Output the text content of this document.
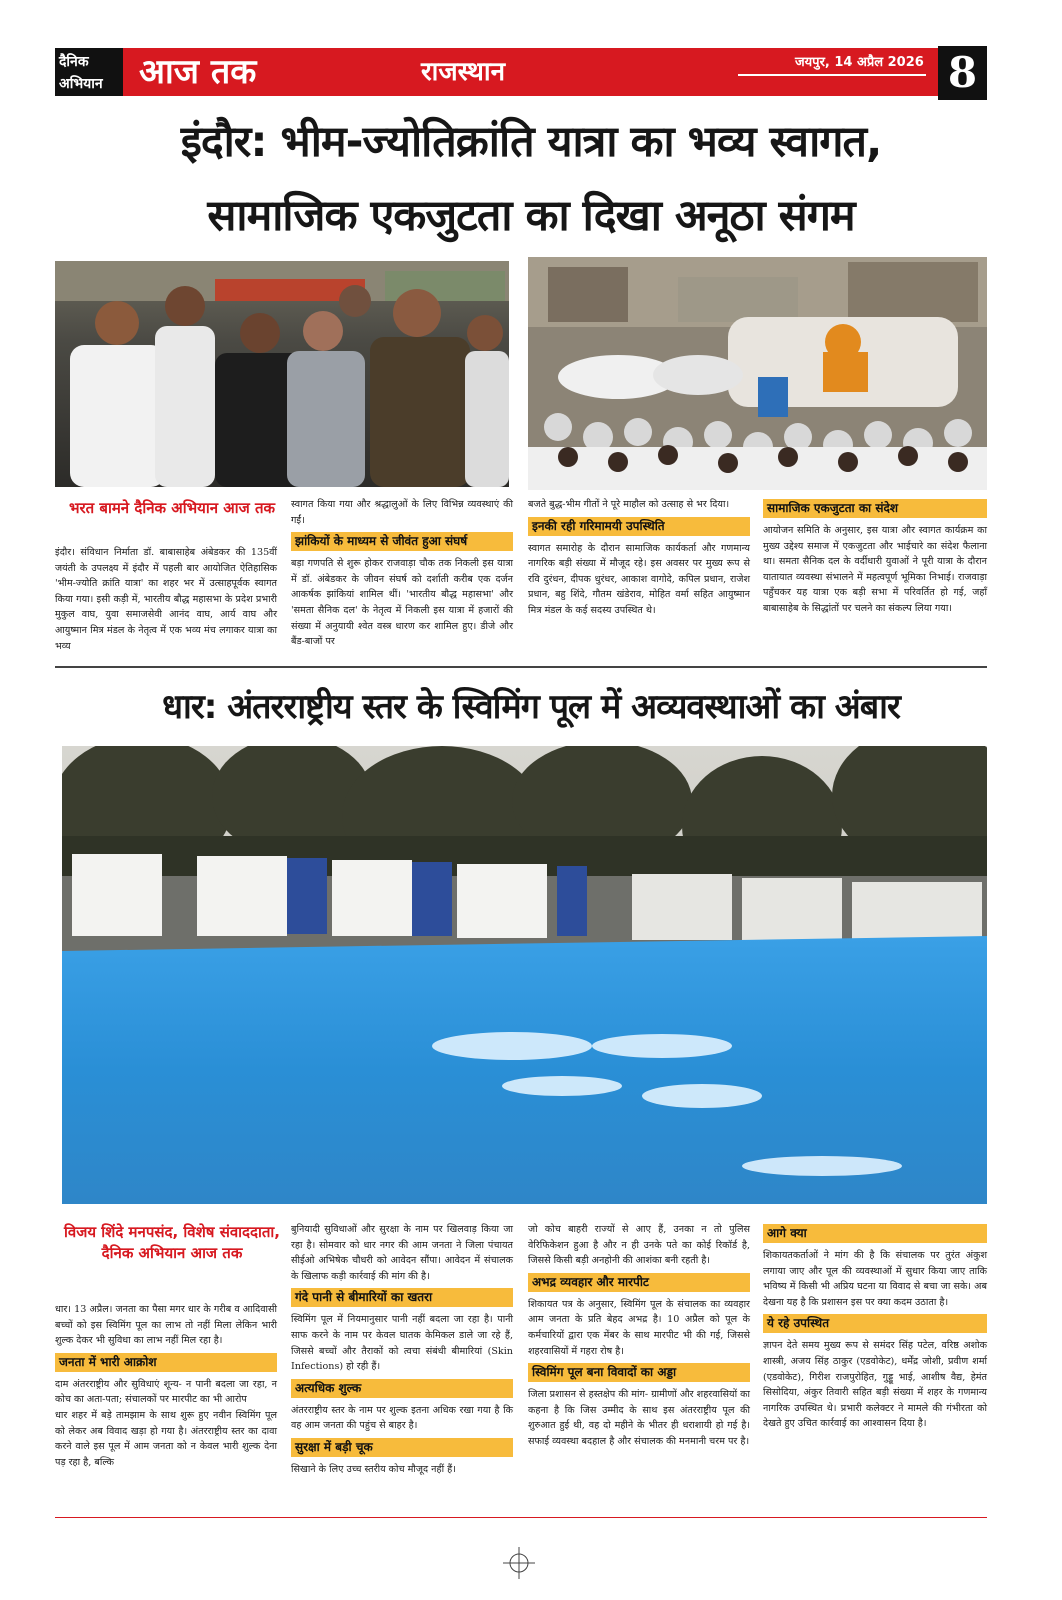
दैनिक
अभियान	आज तक	राजस्थान	जयपुर, 14 अप्रैल 2026 8
इंदौर: भीम-ज्योतिक्रांति यात्रा का भव्य स्वागत,
सामाजिक एकजुटता का दिखा अनूठा संगम
भरत बामने दैनिक अभियान आज तक
इंदौर। संविधान निर्माता डॉ. बाबासाहेब अंबेडकर की 135वीं जयंती के उपलक्ष्य में इंदौर में पहली बार आयोजित ऐतिहासिक 'भीम-ज्योति क्रांति यात्रा' का शहर भर में उत्साहपूर्वक स्वागत किया गया। इसी कड़ी में, भारतीय बौद्ध महासभा के प्रदेश प्रभारी मुकुल वाघ, युवा समाजसेवी आनंद वाघ, आर्य वाघ और आयुष्मान मित्र मंडल के नेतृत्व में एक भव्य मंच लगाकर यात्रा का भव्य
स्वागत किया गया और श्रद्धालुओं के लिए विभिन्न व्यवस्थाएं की गईं।
झांकियों के माध्यम से जीवंत हुआ संघर्ष
बड़ा गणपति से शुरू होकर राजवाड़ा चौक तक निकली इस यात्रा में डॉ. अंबेडकर के जीवन संघर्ष को दर्शाती करीब एक दर्जन आकर्षक झांकियां शामिल थीं। 'भारतीय बौद्ध महासभा' और 'समता सैनिक दल' के नेतृत्व में निकली इस यात्रा में हजारों की संख्या में अनुयायी श्वेत वस्त्र धारण कर शामिल हुए। डीजे और बैंड-बाजों पर
बजते बुद्ध-भीम गीतों ने पूरे माहौल को उत्साह से भर दिया।
इनकी रही गरिमामयी उपस्थिति
स्वागत समारोह के दौरान सामाजिक कार्यकर्ता और गणमान्य नागरिक बड़ी संख्या में मौजूद रहे। इस अवसर पर मुख्य रूप से रवि दुरंधन, दीपक धुरंधर, आकाश वागोदे, कपिल प्रधान, राजेश प्रधान, बहु शिंदे, गौतम खंडेराव, मोहित वर्मा सहित आयुष्मान मित्र मंडल के कई सदस्य उपस्थित थे।
सामाजिक एकजुटता का संदेश
आयोजन समिति के अनुसार, इस यात्रा और स्वागत कार्यक्रम का मुख्य उद्देश्य समाज में एकजुटता और भाईचारे का संदेश फैलाना था। समता सैनिक दल के वर्दीधारी युवाओं ने पूरी यात्रा के दौरान यातायात व्यवस्था संभालने में महत्वपूर्ण भूमिका निभाई। राजवाड़ा पहुँचकर यह यात्रा एक बड़ी सभा में परिवर्तित हो गई, जहाँ बाबासाहेब के सिद्धांतों पर चलने का संकल्प लिया गया।
धार: अंतरराष्ट्रीय स्तर के स्विमिंग पूल में अव्यवस्थाओं का अंबार
विजय शिंदे मनपसंद, विशेष संवाददाता, दैनिक अभियान आज तक
धार। 13 अप्रैल। जनता का पैसा मगर धार के गरीब व आदिवासी बच्चों को इस स्विमिंग पूल का लाभ तो नहीं मिला लेकिन भारी शुल्क देकर भी सुविधा का लाभ नहीं मिल रहा है।
जनता में भारी आक्रोश
दाम अंतरराष्ट्रीय और सुविधाएं शून्य- न पानी बदला जा रहा, न कोच का अता-पता; संचालकों पर मारपीट का भी आरोप
धार शहर में बड़े तामझाम के साथ शुरू हुए नवीन स्विमिंग पूल को लेकर अब विवाद खड़ा हो गया है। अंतरराष्ट्रीय स्तर का दावा करने वाले इस पूल में आम जनता को न केवल भारी शुल्क देना पड़ रहा है, बल्कि
बुनियादी सुविधाओं और सुरक्षा के नाम पर खिलवाड़ किया जा रहा है। सोमवार को धार नगर की आम जनता ने जिला पंचायत सीईओ अभिषेक चौधरी को आवेदन सौंपा। आवेदन में संचालक के खिलाफ कड़ी कार्रवाई की मांग की है।
गंदे पानी से बीमारियों का खतरा
स्विमिंग पूल में नियमानुसार पानी नहीं बदला जा रहा है। पानी साफ करने के नाम पर केवल घातक केमिकल डाले जा रहे हैं, जिससे बच्चों और तैराकों को त्वचा संबंधी बीमारियां (Skin Infections) हो रही हैं।
अत्यधिक शुल्क
अंतरराष्ट्रीय स्तर के नाम पर शुल्क इतना अधिक रखा गया है कि वह आम जनता की पहुंच से बाहर है।
सुरक्षा में बड़ी चूक
सिखाने के लिए उच्च स्तरीय कोच मौजूद नहीं हैं।
जो कोच बाहरी राज्यों से आए हैं, उनका न तो पुलिस वेरिफिकेशन हुआ है और न ही उनके पते का कोई रिकॉर्ड है, जिससे किसी बड़ी अनहोनी की आशंका बनी रहती है।
अभद्र व्यवहार और मारपीट
शिकायत पत्र के अनुसार, स्विमिंग पूल के संचालक का व्यवहार आम जनता के प्रति बेहद अभद्र है। 10 अप्रैल को पूल के कर्मचारियों द्वारा एक मेंबर के साथ मारपीट भी की गई, जिससे शहरवासियों में गहरा रोष है।
स्विमिंग पूल बना विवादों का अड्डा
जिला प्रशासन से हस्तक्षेप की मांग- ग्रामीणों और शहरवासियों का कहना है कि जिस उम्मीद के साथ इस अंतरराष्ट्रीय पूल की शुरुआत हुई थी, वह दो महीने के भीतर ही धराशायी हो गई है। सफाई व्यवस्था बदहाल है और संचालक की मनमानी चरम पर है।
आगे क्या
शिकायतकर्ताओं ने मांग की है कि संचालक पर तुरंत अंकुश लगाया जाए और पूल की व्यवस्थाओं में सुधार किया जाए ताकि भविष्य में किसी भी अप्रिय घटना या विवाद से बचा जा सके। अब देखना यह है कि प्रशासन इस पर क्या कदम उठाता है।
ये रहे उपस्थित
ज्ञापन देते समय मुख्य रूप से समंदर सिंह पटेल, वरिष्ठ अशोक शास्त्री, अजय सिंह ठाकुर (एडवोकेट), धर्मेंद्र जोशी, प्रवीण शर्मा (एडवोकेट), गिरीश राजपुरोहित, गुड्डू भाई, आशीष वैद्य, हेमंत सिसोदिया, अंकुर तिवारी सहित बड़ी संख्या में शहर के गणमान्य नागरिक उपस्थित थे। प्रभारी कलेक्टर ने मामले की गंभीरता को देखते हुए उचित कार्रवाई का आश्वासन दिया है।
